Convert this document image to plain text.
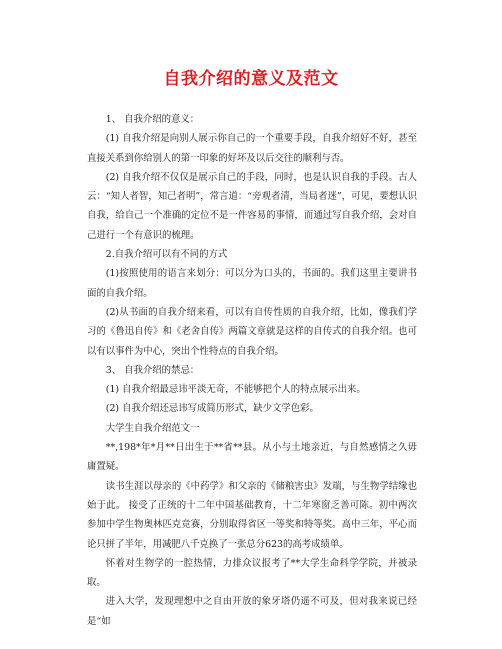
自我介绍的意义及范文

1、 自我介绍的意义：

(1) 自我介绍是向别人展示你自己的一个重要手段，自我介绍好不好，甚至直接关系到你给别人的第一印象的好坏及以后交往的顺利与否。

(2) 自我介绍不仅仅是展示自己的手段，同时，也是认识自我的手段。古人云：“知人者智，知己者明”，常言道：“旁观者清，当局者迷”，可见，要想认识自我，给自己一个准确的定位不是一件容易的事情，而通过写自我介绍，会对自己进行一个有意识的梳理。

2.自我介绍可以有不同的方式

(1)按照使用的语言来划分：可以分为口头的，书面的。我们这里主要讲书面的自我介绍。

(2)从书面的自我介绍来看，可以有自传性质的自我介绍，比如，像我们学习的《鲁迅自传》和《老舍自传》两篇文章就是这样的自传式的自我介绍。也可以有以事件为中心，突出个性特点的自我介绍。

3、 自我介绍的禁忌：

(1) 自我介绍最忌讳平淡无奇，不能够把个人的特点展示出来。

(2) 自我介绍还忌讳写成简历形式，缺少文学色彩。

大学生自我介绍范文一

**,198*年*月**日出生于**省**县。从小与土地亲近，与自然感情之久毋庸置疑。

读书生涯以母亲的《中药学》和父亲的《储粮害虫》发端，与生物学结缘也始于此。 接受了正统的十二年中国基础教育，十二年寒窗乏善可陈。初中两次参加中学生物奥林匹克竞赛，分别取得省区一等奖和特等奖。高中三年，平心而论只拼了半年，用减肥八千克换了一张总分623的高考成绩单。

怀着对生物学的一腔热情，力排众议报考了**大学生命科学学院，并被录取。

进入大学，发现理想中之自由开放的象牙塔仍遥不可及，但对我来说已经是“如
